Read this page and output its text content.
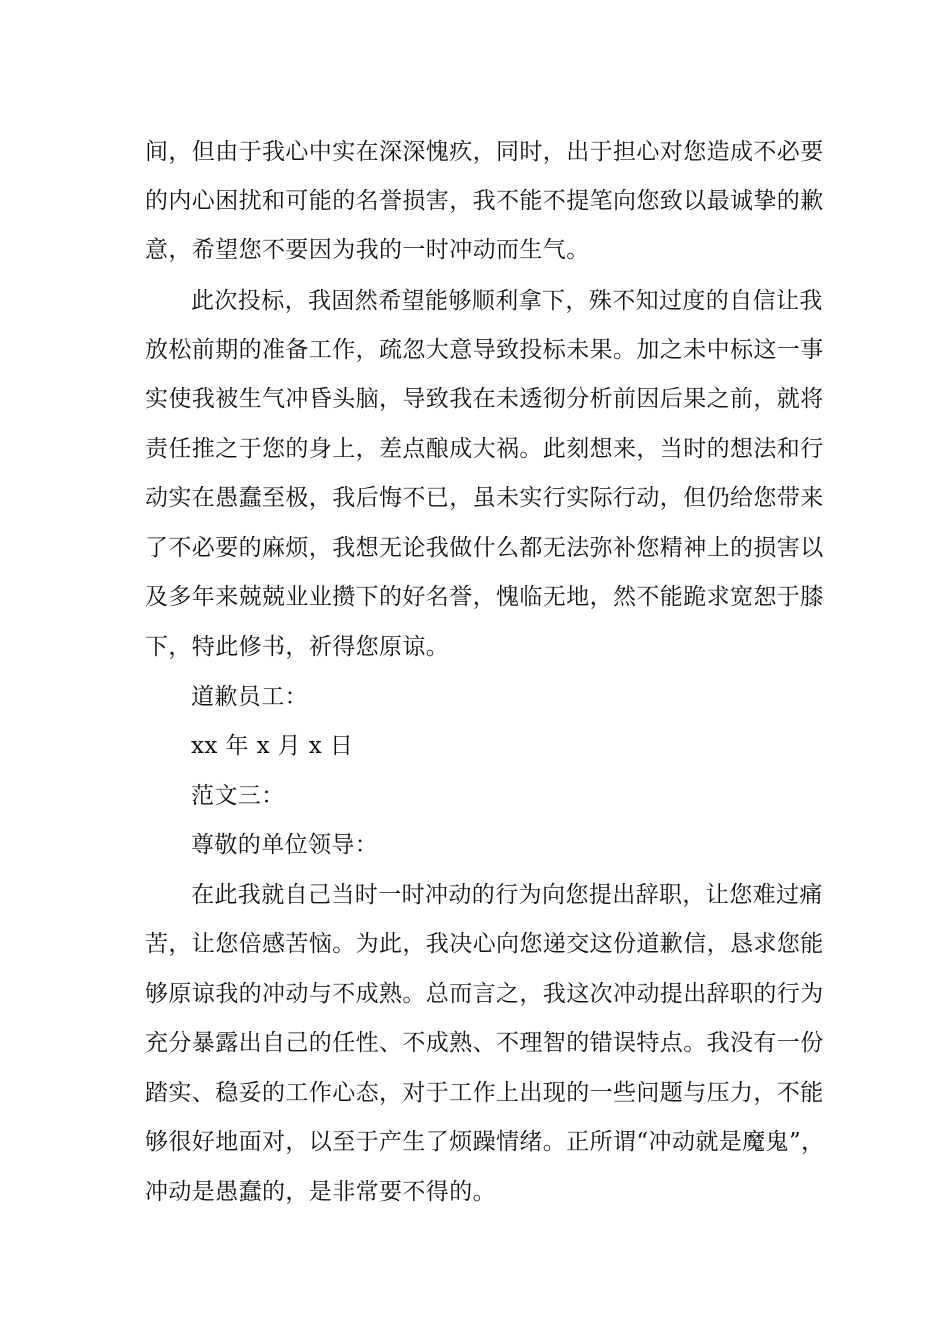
间，但由于我心中实在深深愧疚，同时，出于担心对您造成不必要
的内心困扰和可能的名誉损害，我不能不提笔向您致以最诚挚的歉
意，希望您不要因为我的一时冲动而生气。
此次投标，我固然希望能够顺利拿下，殊不知过度的自信让我
放松前期的准备工作，疏忽大意导致投标未果。加之未中标这一事
实使我被生气冲昏头脑，导致我在未透彻分析前因后果之前，就将
责任推之于您的身上，差点酿成大祸。此刻想来，当时的想法和行
动实在愚蠢至极，我后悔不已，虽未实行实际行动，但仍给您带来
了不必要的麻烦，我想无论我做什么都无法弥补您精神上的损害以
及多年来兢兢业业攒下的好名誉，愧临无地，然不能跪求宽恕于膝
下，特此修书，祈得您原谅。
道歉员工：
xx 年 x 月 x 日
范文三：
尊敬的单位领导：
在此我就自己当时一时冲动的行为向您提出辞职，让您难过痛
苦，让您倍感苦恼。为此，我决心向您递交这份道歉信，恳求您能
够原谅我的冲动与不成熟。总而言之，我这次冲动提出辞职的行为
充分暴露出自己的任性、不成熟、不理智的错误特点。我没有一份
踏实、稳妥的工作心态，对于工作上出现的一些问题与压力，不能
够很好地面对，以至于产生了烦躁情绪。正所谓“冲动就是魔鬼”，
冲动是愚蠢的，是非常要不得的。
